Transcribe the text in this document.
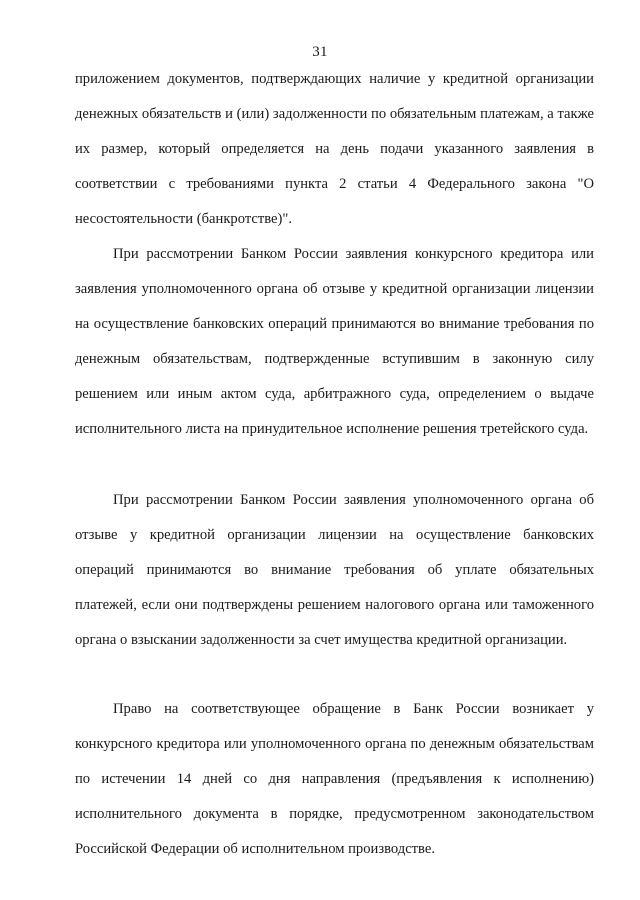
31

приложением документов, подтверждающих наличие у кредитной организации денежных обязательств и (или) задолженности по обязательным платежам, а также их размер, который определяется на день подачи указанного заявления в соответствии с требованиями пункта 2 статьи 4 Федерального закона "О несостоятельности (банкротстве)".

При рассмотрении Банком России заявления конкурсного кредитора или заявления уполномоченного органа об отзыве у кредитной организации лицензии на осуществление банковских операций принимаются во внимание требования по денежным обязательствам, подтвержденные вступившим в законную силу решением или иным актом суда, арбитражного суда, определением о выдаче исполнительного листа на принудительное исполнение решения третейского суда.

При рассмотрении Банком России заявления уполномоченного органа об отзыве у кредитной организации лицензии на осуществление банковских операций принимаются во внимание требования об уплате обязательных платежей, если они подтверждены решением налогового органа или таможенного органа о взыскании задолженности за счет имущества кредитной организации.

Право на соответствующее обращение в Банк России возникает у конкурсного кредитора или уполномоченного органа по денежным обязательствам по истечении 14 дней со дня направления (предъявления к исполнению) исполнительного документа в порядке, предусмотренном законодательством Российской Федерации об исполнительном производстве.
